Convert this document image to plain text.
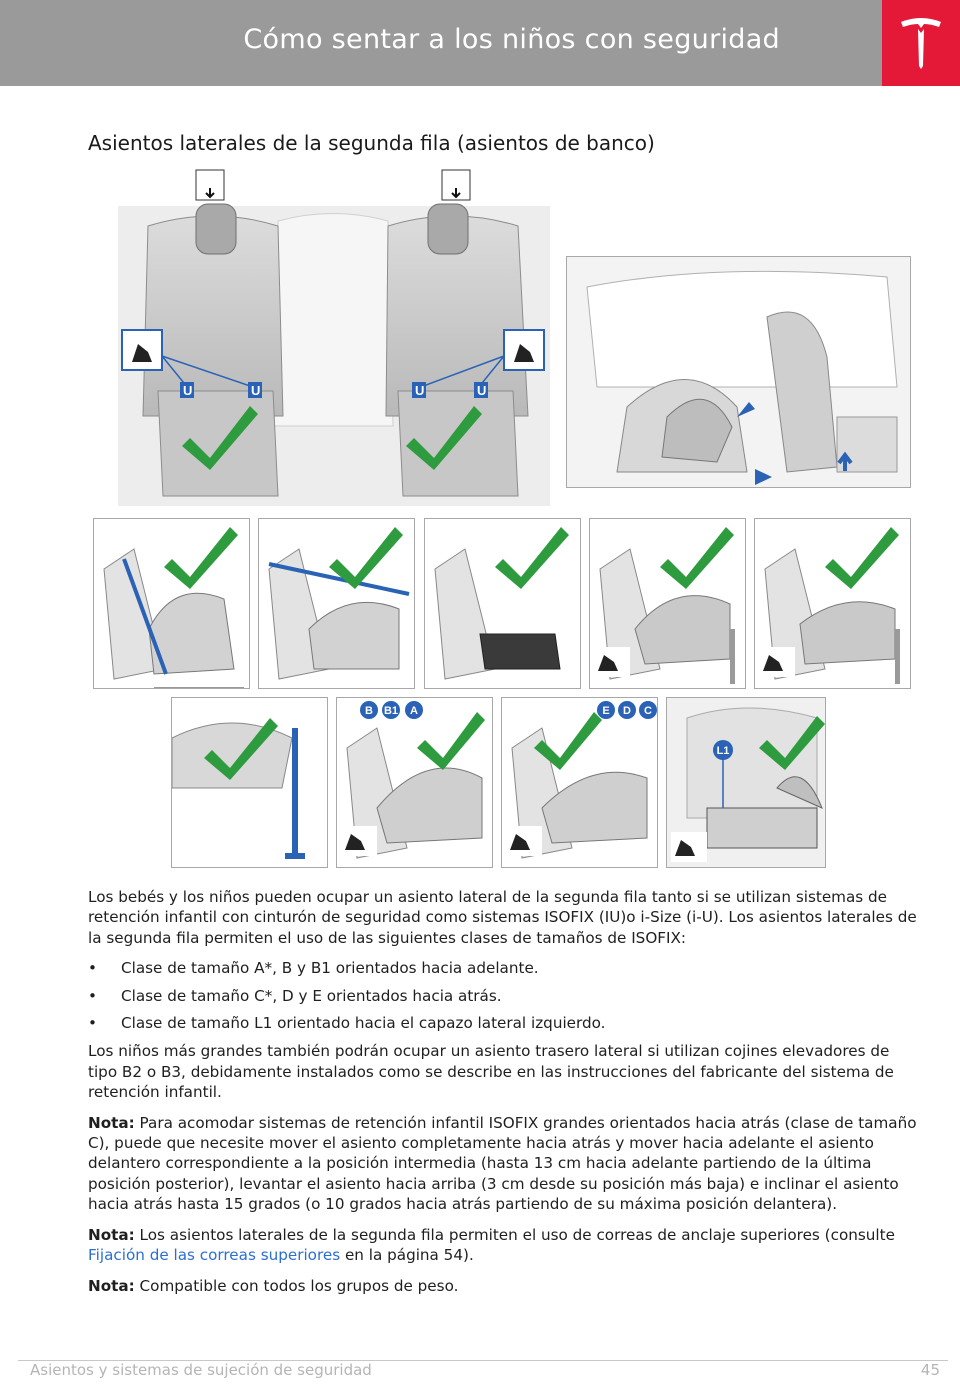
Cómo sentar a los niños con seguridad
Asientos laterales de la segunda fila (asientos de banco)
U	U	U	U
B B1 A	E D C
L1

Los bebés y los niños pueden ocupar un asiento lateral de la segunda fila tanto si se utilizan sistemas de retención infantil con cinturón de seguridad como sistemas ISOFIX (IU)o i-Size (i-U). Los asientos laterales de la segunda fila permiten el uso de las siguientes clases de tamaños de ISOFIX:

• Clase de tamaño A*, B y B1 orientados hacia adelante.
• Clase de tamaño C*, D y E orientados hacia atrás.
• Clase de tamaño L1 orientado hacia el capazo lateral izquierdo.

Los niños más grandes también podrán ocupar un asiento trasero lateral si utilizan cojines elevadores de tipo B2 o B3, debidamente instalados como se describe en las instrucciones del fabricante del sistema de retención infantil.

Nota: Para acomodar sistemas de retención infantil ISOFIX grandes orientados hacia atrás (clase de tamaño C), puede que necesite mover el asiento completamente hacia atrás y mover hacia adelante el asiento delantero correspondiente a la posición intermedia (hasta 13 cm hacia adelante partiendo de la última posición posterior), levantar el asiento hacia arriba (3 cm desde su posición más baja) e inclinar el asiento hacia atrás hasta 15 grados (o 10 grados hacia atrás partiendo de su máxima posición delantera).

Nota: Los asientos laterales de la segunda fila permiten el uso de correas de anclaje superiores (consulte Fijación de las correas superiores en la página 54).

Nota: Compatible con todos los grupos de peso.

Asientos y sistemas de sujeción de seguridad	45
